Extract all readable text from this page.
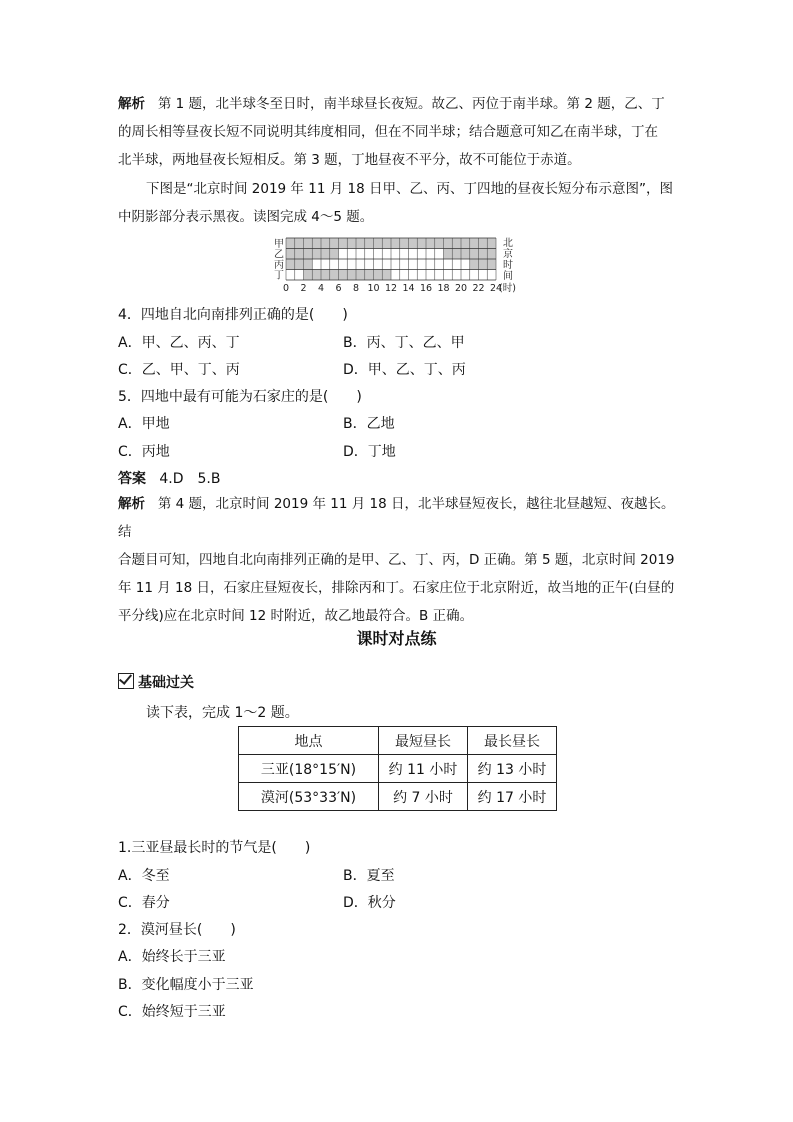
解析 第 1 题，北半球冬至日时，南半球昼长夜短。故乙、丙位于南半球。第 2 题，乙、丁
的周长相等昼夜长短不同说明其纬度相同，但在不同半球；结合题意可知乙在南半球，丁在
北半球，两地昼夜长短相反。第 3 题，丁地昼夜不平分，故不可能位于赤道。
下图是“北京时间 2019 年 11 月 18 日甲、乙、丙、丁四地的昼夜长短分布示意图”，图
中阴影部分表示黑夜。读图完成 4～5 题。
甲
乙
丙
丁
0 2 4 6 8 10 12 14 16 18 20 22 24
(时)
北
京
时
间
4．四地自北向南排列正确的是(　　)
A．甲、乙、丙、丁	B．丙、丁、乙、甲
C．乙、甲、丁、丙	D．甲、乙、丁、丙
5．四地中最有可能为石家庄的是(　　)
A．甲地	B．乙地
C．丙地	D．丁地
答案 4.D　5.B
解析 第 4 题，北京时间 2019 年 11 月 18 日，北半球昼短夜长，越往北昼越短、夜越长。结
合题目可知，四地自北向南排列正确的是甲、乙、丁、丙，D 正确。第 5 题，北京时间 2019
年 11 月 18 日，石家庄昼短夜长，排除丙和丁。石家庄位于北京附近，故当地的正午(白昼的
平分线)应在北京时间 12 时附近，故乙地最符合。B 正确。
课时对点练
基础过关
读下表，完成 1～2 题。
地点	最短昼长	最长昼长
三亚(18°15′N)	约 11 小时	约 13 小时
漠河(53°33′N)	约 7 小时	约 17 小时
1.三亚昼最长时的节气是(　　)
A．冬至	B．夏至
C．春分	D．秋分
2．漠河昼长(　　)
A．始终长于三亚
B．变化幅度小于三亚
C．始终短于三亚
